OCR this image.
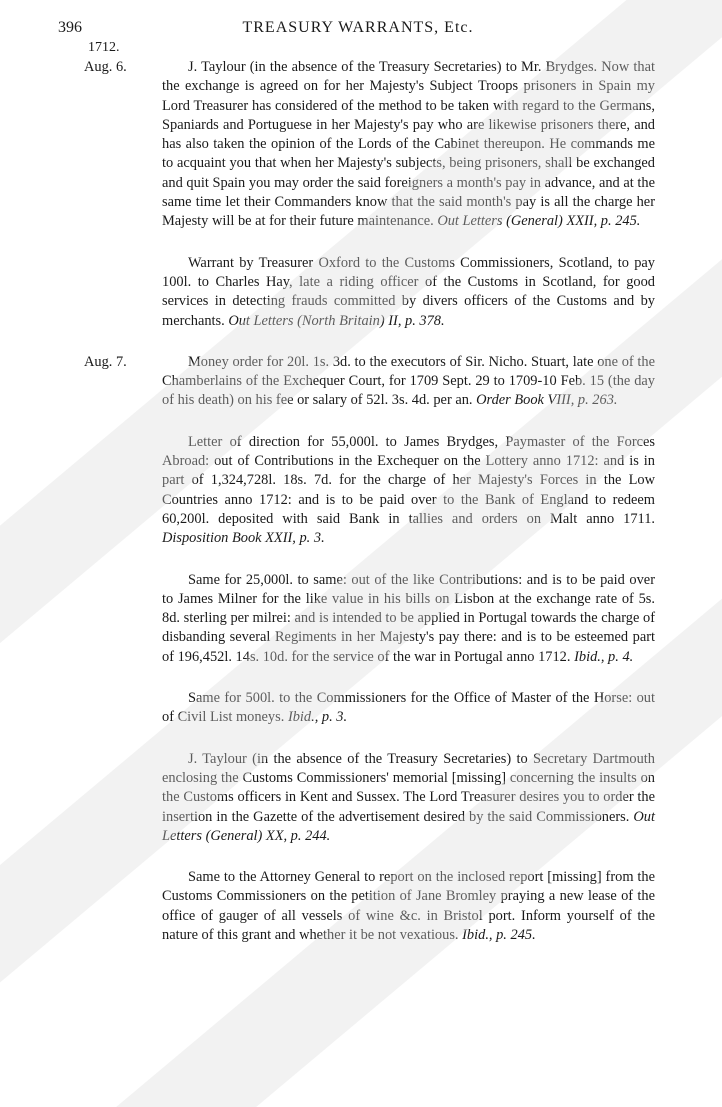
396	TREASURY WARRANTS, Etc.
1712.
Aug. 6.	J. Taylour (in the absence of the Treasury Secretaries) to Mr. Brydges. Now that the exchange is agreed on for her Majesty's Subject Troops prisoners in Spain my Lord Treasurer has considered of the method to be taken with regard to the Germans, Spaniards and Portuguese in her Majesty's pay who are likewise prisoners there, and has also taken the opinion of the Lords of the Cabinet thereupon. He commands me to acquaint you that when her Majesty's subjects, being prisoners, shall be exchanged and quit Spain you may order the said foreigners a month's pay in advance, and at the same time let their Commanders know that the said month's pay is all the charge her Majesty will be at for their future maintenance. Out Letters (General) XXII, p. 245.

Warrant by Treasurer Oxford to the Customs Commissioners, Scotland, to pay 100l. to Charles Hay, late a riding officer of the Customs in Scotland, for good services in detecting frauds committed by divers officers of the Customs and by merchants. Out Letters (North Britain) II, p. 378.

Aug. 7.	Money order for 20l. 1s. 3d. to the executors of Sir. Nicho. Stuart, late one of the Chamberlains of the Exchequer Court, for 1709 Sept. 29 to 1709-10 Feb. 15 (the day of his death) on his fee or salary of 52l. 3s. 4d. per an. Order Book VIII, p. 263.

Letter of direction for 55,000l. to James Brydges, Paymaster of the Forces Abroad: out of Contributions in the Exchequer on the Lottery anno 1712: and is in part of 1,324,728l. 18s. 7d. for the charge of her Majesty's Forces in the Low Countries anno 1712: and is to be paid over to the Bank of England to redeem 60,200l. deposited with said Bank in tallies and orders on Malt anno 1711. Disposition Book XXII, p. 3.

Same for 25,000l. to same: out of the like Contributions: and is to be paid over to James Milner for the like value in his bills on Lisbon at the exchange rate of 5s. 8d. sterling per milrei: and is intended to be applied in Portugal towards the charge of disbanding several Regiments in her Majesty's pay there: and is to be esteemed part of 196,452l. 14s. 10d. for the service of the war in Portugal anno 1712. Ibid., p. 4.

Same for 500l. to the Commissioners for the Office of Master of the Horse: out of Civil List moneys. Ibid., p. 3.

J. Taylour (in the absence of the Treasury Secretaries) to Secretary Dartmouth enclosing the Customs Commissioners' memorial [missing] concerning the insults on the Customs officers in Kent and Sussex. The Lord Treasurer desires you to order the insertion in the Gazette of the advertisement desired by the said Commissioners. Out Letters (General) XX, p. 244.

Same to the Attorney General to report on the inclosed report [missing] from the Customs Commissioners on the petition of Jane Bromley praying a new lease of the office of gauger of all vessels of wine &c. in Bristol port. Inform yourself of the nature of this grant and whether it be not vexatious. Ibid., p. 245.
